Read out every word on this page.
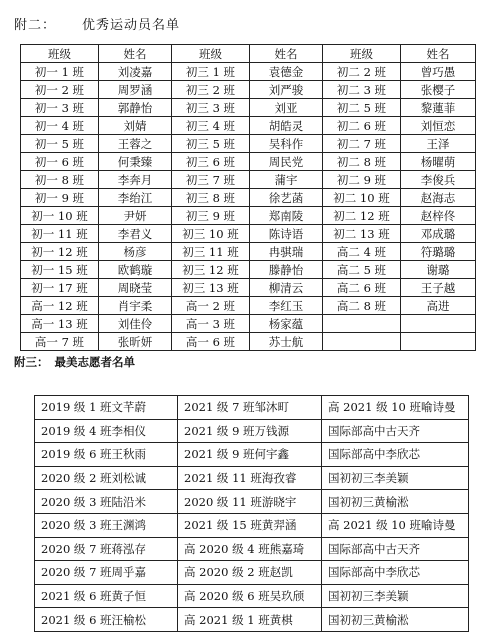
附二： 优秀运动员名单
班级	姓名	班级	姓名	班级	姓名
初一 1 班	刘凌嘉	初三 1 班	袁德金	初二 2 班	曾巧愚
初一 2 班	周罗涵	初三 2 班	刘严骏	初二 3 班	张樱子
初一 3 班	郭静怡	初三 3 班	刘亚	初二 5 班	黎蓮菲
初一 4 班	刘婧	初三 4 班	胡皓灵	初二 6 班	刘恒恋
初一 5 班	王蓉之	初三 5 班	吴科作	初二 7 班	王泽
初一 6 班	何秉臻	初三 6 班	周民党	初二 8 班	杨曜萌
初一 8 班	李奔月	初三 7 班	蒲宇	初二 9 班	李俊兵
初一 9 班	李绐江	初三 8 班	徐艺菡	初二 10 班	赵海志
初一 10 班	尹妍	初三 9 班	郑南陵	初二 12 班	赵梓佟
初一 11 班	李君义	初三 10 班	陈诗语	初二 13 班	邓成璐
初一 12 班	杨彦	初三 11 班	冉骐瑞	高二 4 班	符璐璐
初一 15 班	欧鹤璇	初三 12 班	滕静怡	高二 5 班	谢璐
初一 17 班	周晓莹	初三 13 班	柳清云	高二 6 班	王子越
高一 12 班	肖宇柔	高一 2 班	李红玉	高二 8 班	高进
高一 13 班	刘佳伶	高一 3 班	杨家蕴		
高一 7 班	张昕妍	高一 6 班	苏士航		
附三： 最美志愿者名单
2019 级 1 班文芊蔚	2021 级 7 班邹沐町	高 2021 级 10 班喻诗曼
2019 级 4 班李相仪	2021 级 9 班万钱源	国际部高中古天齐
2019 级 6 班王秋雨	2021 级 9 班何宇鑫	国际部高中李欣芯
2020 级 2 班刘松诚	2021 级 11 班海孜睿	国初初三李美颖
2020 级 3 班陆沿米	2020 级 11 班游晓宇	国初初三黄榆淞
2020 级 3 班王渊鸿	2021 级 15 班黄羿涵	高 2021 级 10 班喻诗曼
2020 级 7 班蒋泓存	高 2020 级 4 班熊嘉琦	国际部高中古天齐
2020 级 7 班周乎嘉	高 2020 级 2 班赵凯	国际部高中李欣芯
2021 级 6 班黄子恒	高 2020 级 6 班吴玖颀	国初初三李美颖
2021 级 6 班汪榆松	高 2021 级 1 班黄棋	国初初三黄榆淞
